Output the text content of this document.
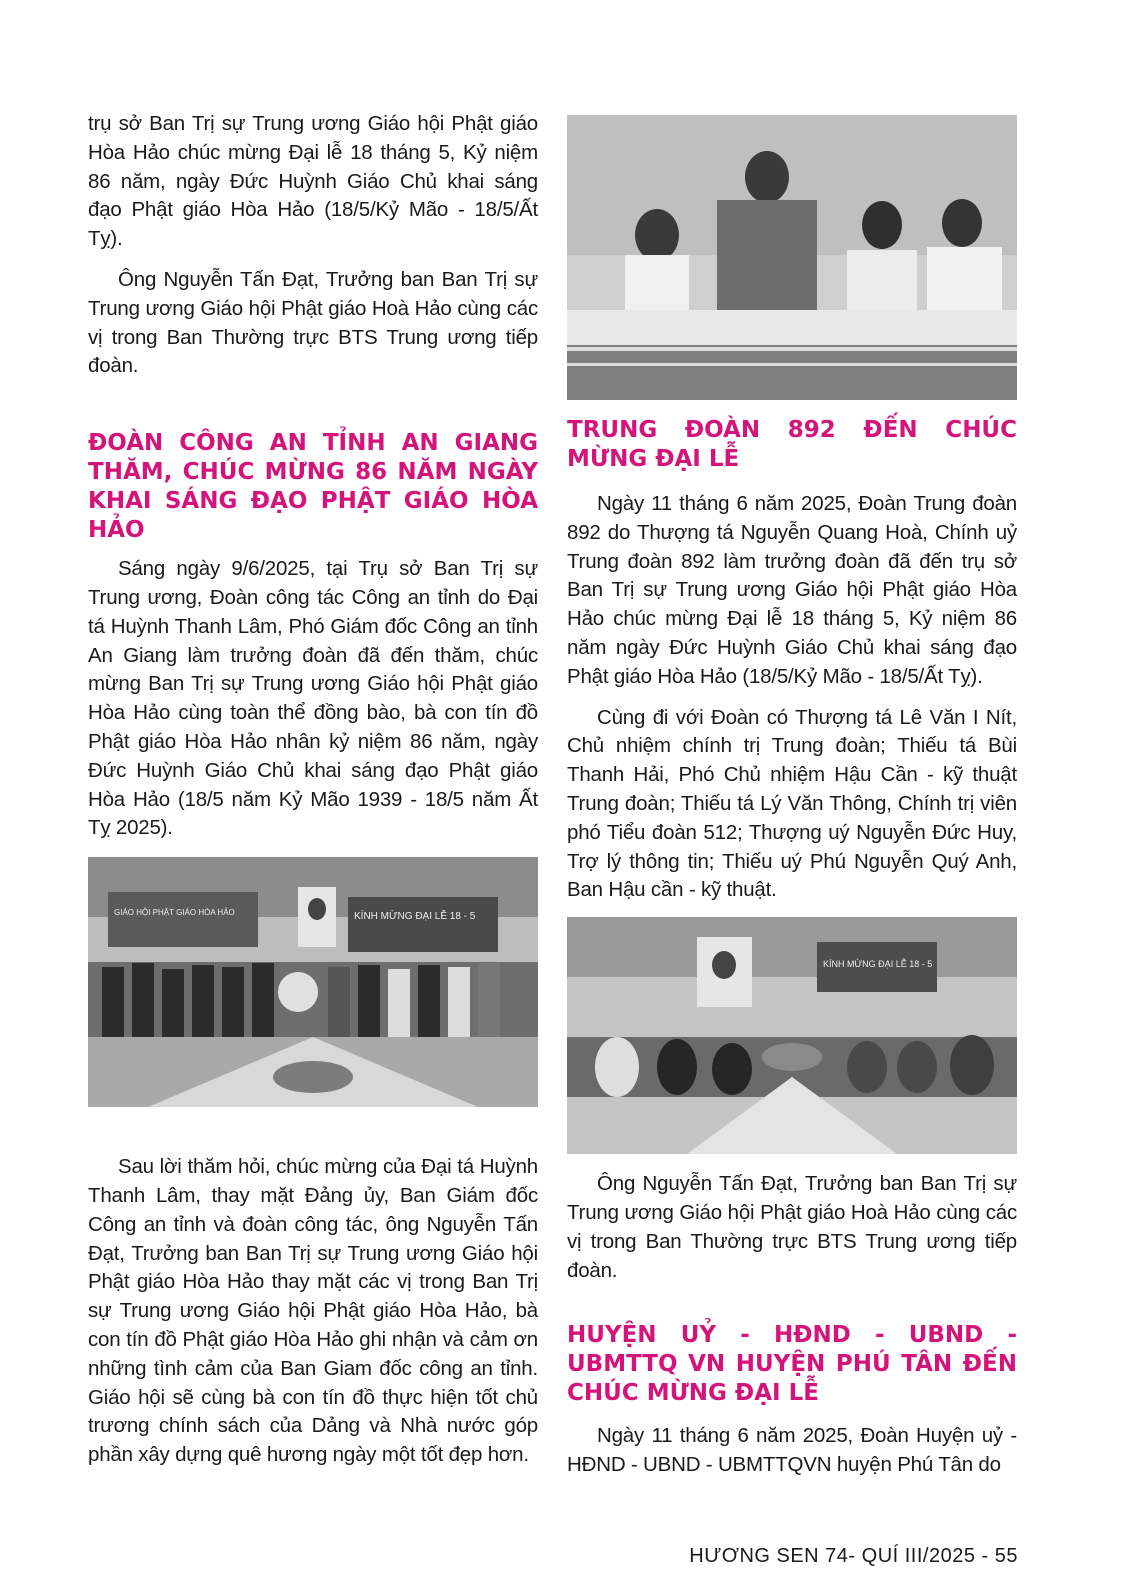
trụ sở Ban Trị sự Trung ương Giáo hội Phật giáo Hòa Hảo chúc mừng Đại lễ 18 tháng 5, Kỷ niệm 86 năm, ngày Đức Huỳnh Giáo Chủ khai sáng đạo Phật giáo Hòa Hảo (18/5/Kỷ Mão - 18/5/Ất Tỵ).

Ông Nguyễn Tấn Đạt, Trưởng ban Ban Trị sự Trung ương Giáo hội Phật giáo Hoà Hảo cùng các vị trong Ban Thường trực BTS Trung ương tiếp đoàn.

ĐOÀN CÔNG AN TỈNH AN GIANG THĂM, CHÚC MỪNG 86 NĂM NGÀY KHAI SÁNG ĐẠO PHẬT GIÁO HÒA HẢO

Sáng ngày 9/6/2025, tại Trụ sở Ban Trị sự Trung ương, Đoàn công tác Công an tỉnh do Đại tá Huỳnh Thanh Lâm, Phó Giám đốc Công an tỉnh An Giang làm trưởng đoàn đã đến thăm, chúc mừng Ban Trị sự Trung ương Giáo hội Phật giáo Hòa Hảo cùng toàn thể đồng bào, bà con tín đồ Phật giáo Hòa Hảo nhân kỷ niệm 86 năm, ngày Đức Huỳnh Giáo Chủ khai sáng đạo Phật giáo Hòa Hảo (18/5 năm Kỷ Mão 1939 - 18/5 năm Ất Tỵ 2025).

GIÁO HỘI PHẬT GIÁO HÒA HẢO	KÍNH MỪNG ĐẠI LỄ 18 - 5

Sau lời thăm hỏi, chúc mừng của Đại tá Huỳnh Thanh Lâm, thay mặt Đảng ủy, Ban Giám đốc Công an tỉnh và đoàn công tác, ông Nguyễn Tấn Đạt, Trưởng ban Ban Trị sự Trung ương Giáo hội Phật giáo Hòa Hảo thay mặt các vị trong Ban Trị sự Trung ương Giáo hội Phật giáo Hòa Hảo, bà con tín đồ Phật giáo Hòa Hảo ghi nhận và cảm ơn những tình cảm của Ban Giam đốc công an tỉnh. Giáo hội sẽ cùng bà con tín đồ thực hiện tốt chủ trương chính sách của Dảng và Nhà nước góp phần xây dựng quê hương ngày một tốt đẹp hơn.

TRUNG ĐOÀN 892 ĐẾN CHÚC MỪNG ĐẠI LỄ

Ngày 11 tháng 6 năm 2025, Đoàn Trung đoàn 892 do Thượng tá Nguyễn Quang Hoà, Chính uỷ Trung đoàn 892 làm trưởng đoàn đã đến trụ sở Ban Trị sự Trung ương Giáo hội Phật giáo Hòa Hảo chúc mừng Đại lễ 18 tháng 5, Kỷ niệm 86 năm ngày Đức Huỳnh Giáo Chủ khai sáng đạo Phật giáo Hòa Hảo (18/5/Kỷ Mão - 18/5/Ất Tỵ).

Cùng đi với Đoàn có Thượng tá Lê Văn I Nít, Chủ nhiệm chính trị Trung đoàn; Thiếu tá Bùi Thanh Hải, Phó Chủ nhiệm Hậu Cần - kỹ thuật Trung đoàn; Thiếu tá Lý Văn Thông, Chính trị viên phó Tiểu đoàn 512; Thượng uý Nguyễn Đức Huy, Trợ lý thông tin; Thiếu uý Phú Nguyễn Quý Anh, Ban Hậu cần - kỹ thuật.

KÍNH MỪNG ĐẠI LỄ 18 - 5

Ông Nguyễn Tấn Đạt, Trưởng ban Ban Trị sự Trung ương Giáo hội Phật giáo Hoà Hảo cùng các vị trong Ban Thường trực BTS Trung ương tiếp đoàn.

HUYỆN UỶ - HĐND - UBND - UBMTTQ VN HUYỆN PHÚ TÂN ĐẾN CHÚC MỪNG ĐẠI LỄ

Ngày 11 tháng 6 năm 2025, Đoàn Huyện uỷ - HĐND - UBND - UBMTTQVN huyện Phú Tân do

HƯƠNG SEN 74- QUÍ III/2025 - 55
